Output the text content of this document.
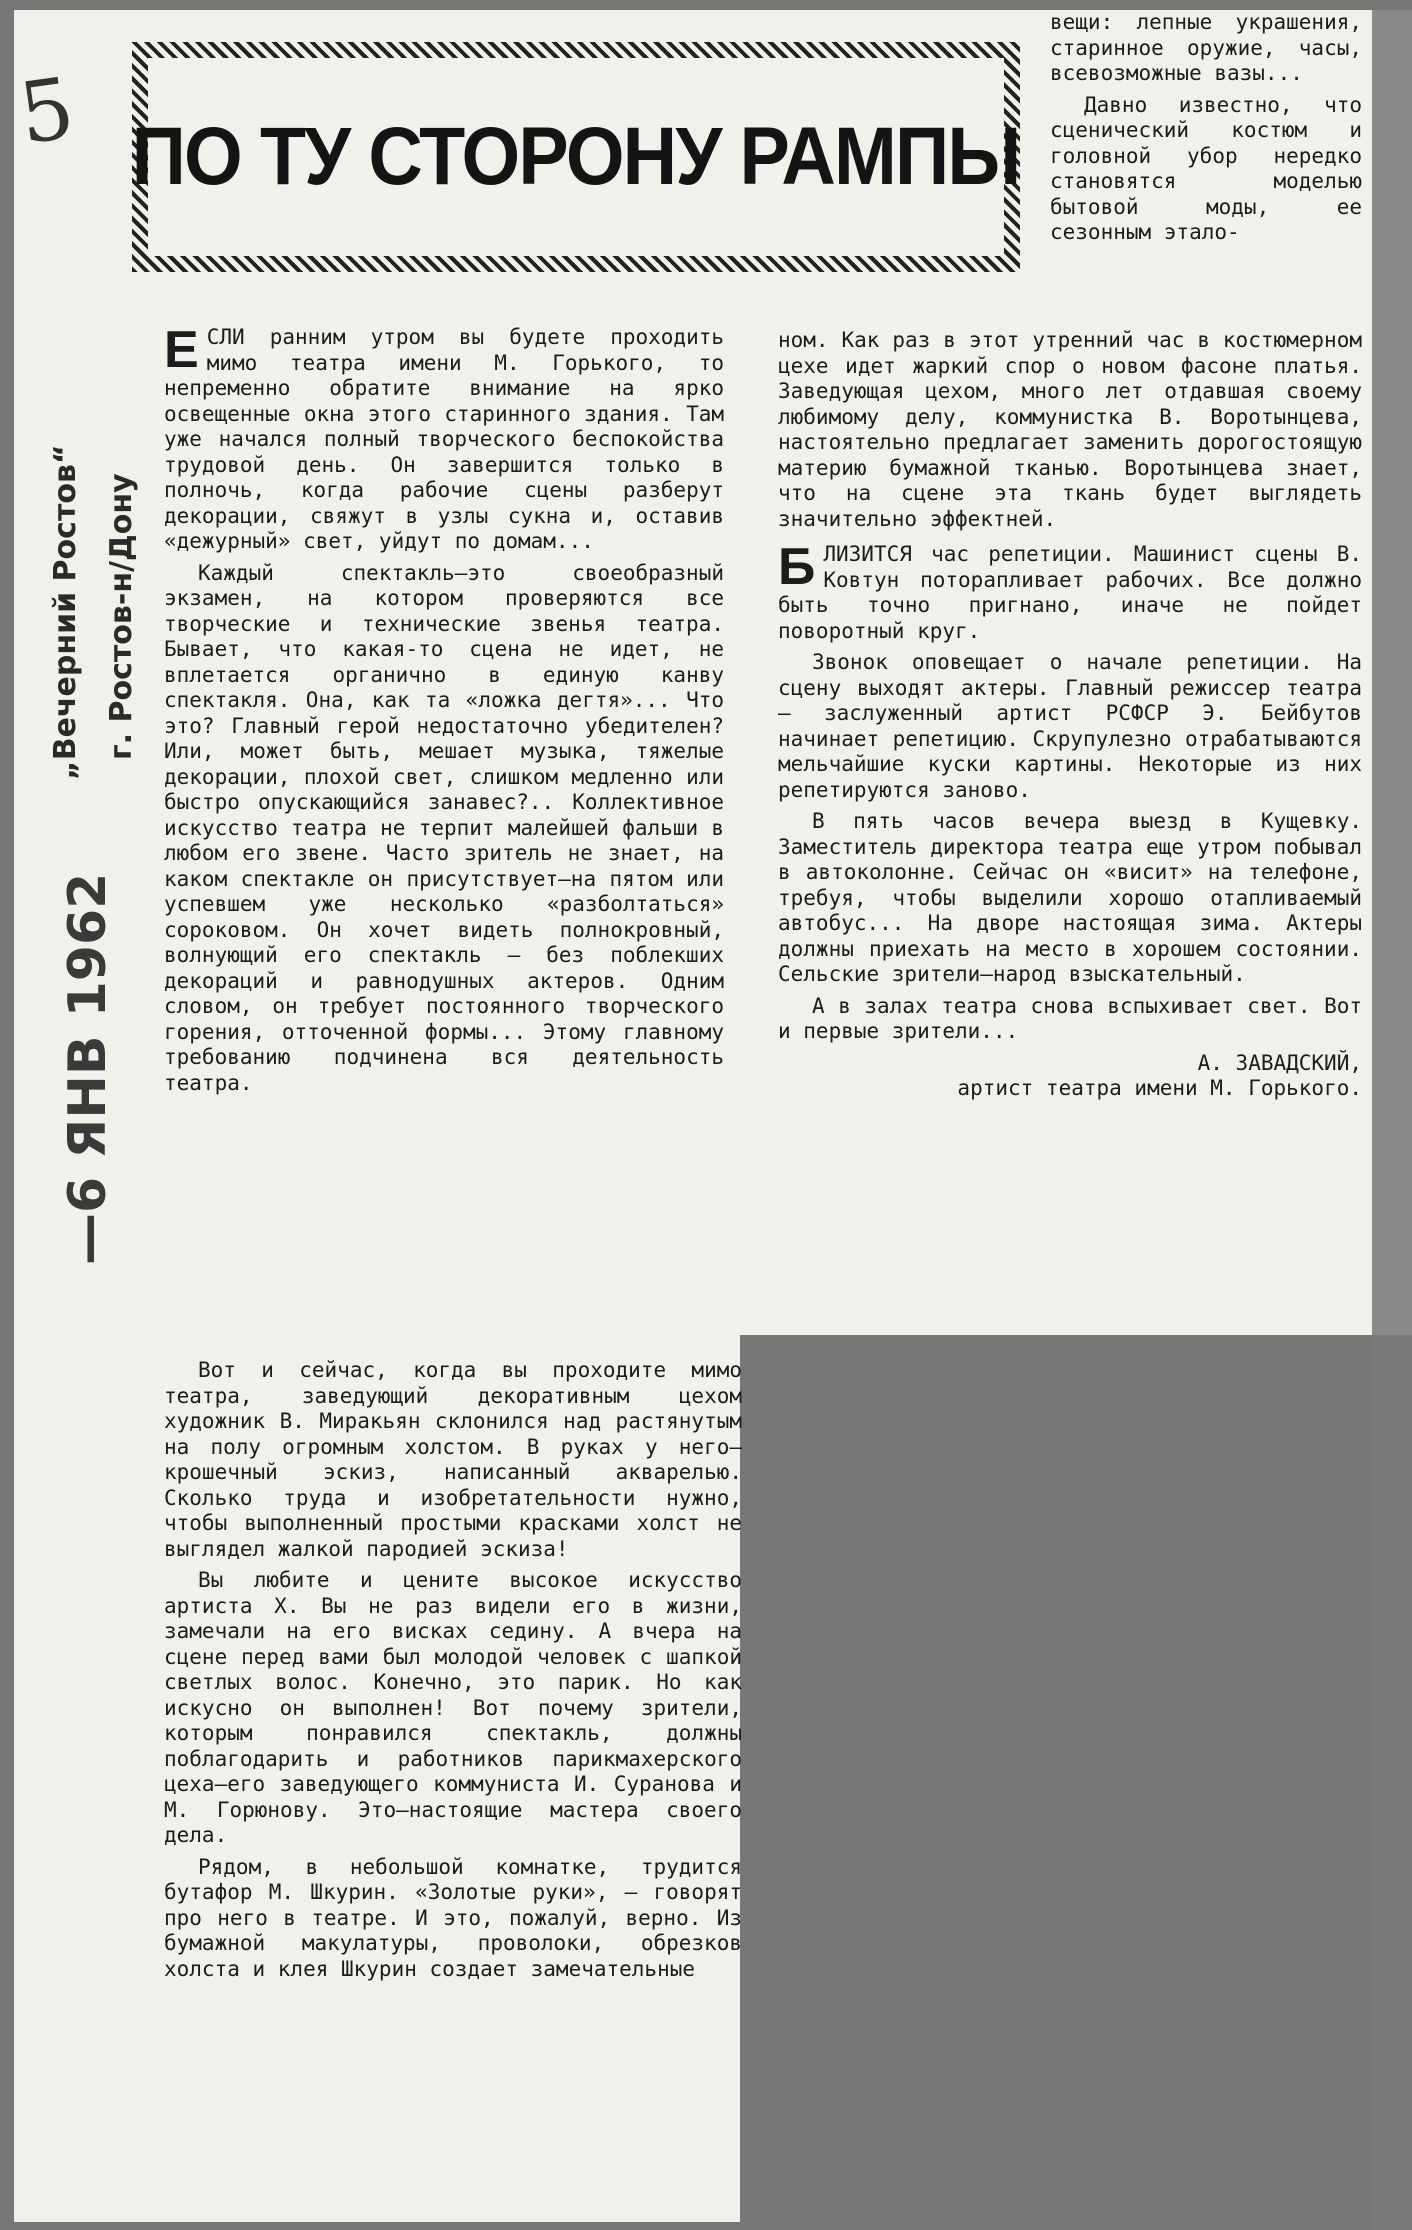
5
—6 ЯНВ 1962
„Вечерний Ростов“ г. Ростов-н/Дону
ПО ТУ СТОРОНУ РАМПЫ

вещи: лепные украшения, старинное оружие, часы, всевозможные вазы...

Давно известно, что сценический костюм и головной убор нередко становятся моделью бытовой моды, ее сезонным этало-

ЕСЛИ ранним утром вы будете проходить мимо театра имени М. Горького, то непременно обратите внимание на ярко освещенные окна этого старинного здания. Там уже начался полный творческого беспокойства трудовой день. Он завершится только в полночь, когда рабочие сцены разберут декорации, свяжут в узлы сукна и, оставив «дежурный» свет, уйдут по домам...

Каждый спектакль—это своеобразный экзамен, на котором проверяются все творческие и технические звенья театра. Бывает, что какая-то сцена не идет, не вплетается органично в единую канву спектакля. Она, как та «ложка дегтя»... Что это? Главный герой недостаточно убедителен? Или, может быть, мешает музыка, тяжелые декорации, плохой свет, слишком медленно или быстро опускающийся занавес?.. Коллективное искусство театра не терпит малейшей фальши в любом его звене. Часто зритель не знает, на каком спектакле он присутствует—на пятом или успевшем уже несколько «разболтаться» сороковом. Он хочет видеть полнокровный, волнующий его спектакль — без поблекших декораций и равнодушных актеров. Одним словом, он требует постоянного творческого горения, отточенной формы... Этому главному требованию подчинена вся деятельность театра.

Вот и сейчас, когда вы проходите мимо театра, заведующий декоративным цехом художник В. Миракьян склонился над растянутым на полу огромным холстом. В руках у него—крошечный эскиз, написанный акварелью. Сколько труда и изобретательности нужно, чтобы выполненный простыми красками холст не выглядел жалкой пародией эскиза!

Вы любите и цените высокое искусство артиста Х. Вы не раз видели его в жизни, замечали на его висках седину. А вчера на сцене перед вами был молодой человек с шапкой светлых волос. Конечно, это парик. Но как искусно он выполнен! Вот почему зрители, которым понравился спектакль, должны поблагодарить и работников парикмахерского цеха—его заведующего коммуниста И. Суранова и М. Горюнову. Это—настоящие мастера своего дела.

Рядом, в небольшой комнатке, трудится бутафор М. Шкурин. «Золотые руки», — говорят про него в театре. И это, пожалуй, верно. Из бумажной макулатуры, проволоки, обрезков холста и клея Шкурин создает замечательные

ном. Как раз в этот утренний час в костюмерном цехе идет жаркий спор о новом фасоне платья. Заведующая цехом, много лет отдавшая своему любимому делу, коммунистка В. Воротынцева, настоятельно предлагает заменить дорогостоящую материю бумажной тканью. Воротынцева знает, что на сцене эта ткань будет выглядеть значительно эффектней.

БЛИЗИТСЯ час репетиции. Машинист сцены В. Ковтун поторапливает рабочих. Все должно быть точно пригнано, иначе не пойдет поворотный круг.

Звонок оповещает о начале репетиции. На сцену выходят актеры. Главный режиссер театра — заслуженный артист РСФСР Э. Бейбутов начинает репетицию. Скрупулезно отрабатываются мельчайшие куски картины. Некоторые из них репетируются заново.

В пять часов вечера выезд в Кущевку. Заместитель директора театра еще утром побывал в автоколонне. Сейчас он «висит» на телефоне, требуя, чтобы выделили хорошо отапливаемый автобус... На дворе настоящая зима. Актеры должны приехать на место в хорошем состоянии. Сельские зрители—народ взыскательный.

А в залах театра снова вспыхивает свет. Вот и первые зрители...

А. ЗАВАДСКИЙ,

артист театра имени М. Горького.
